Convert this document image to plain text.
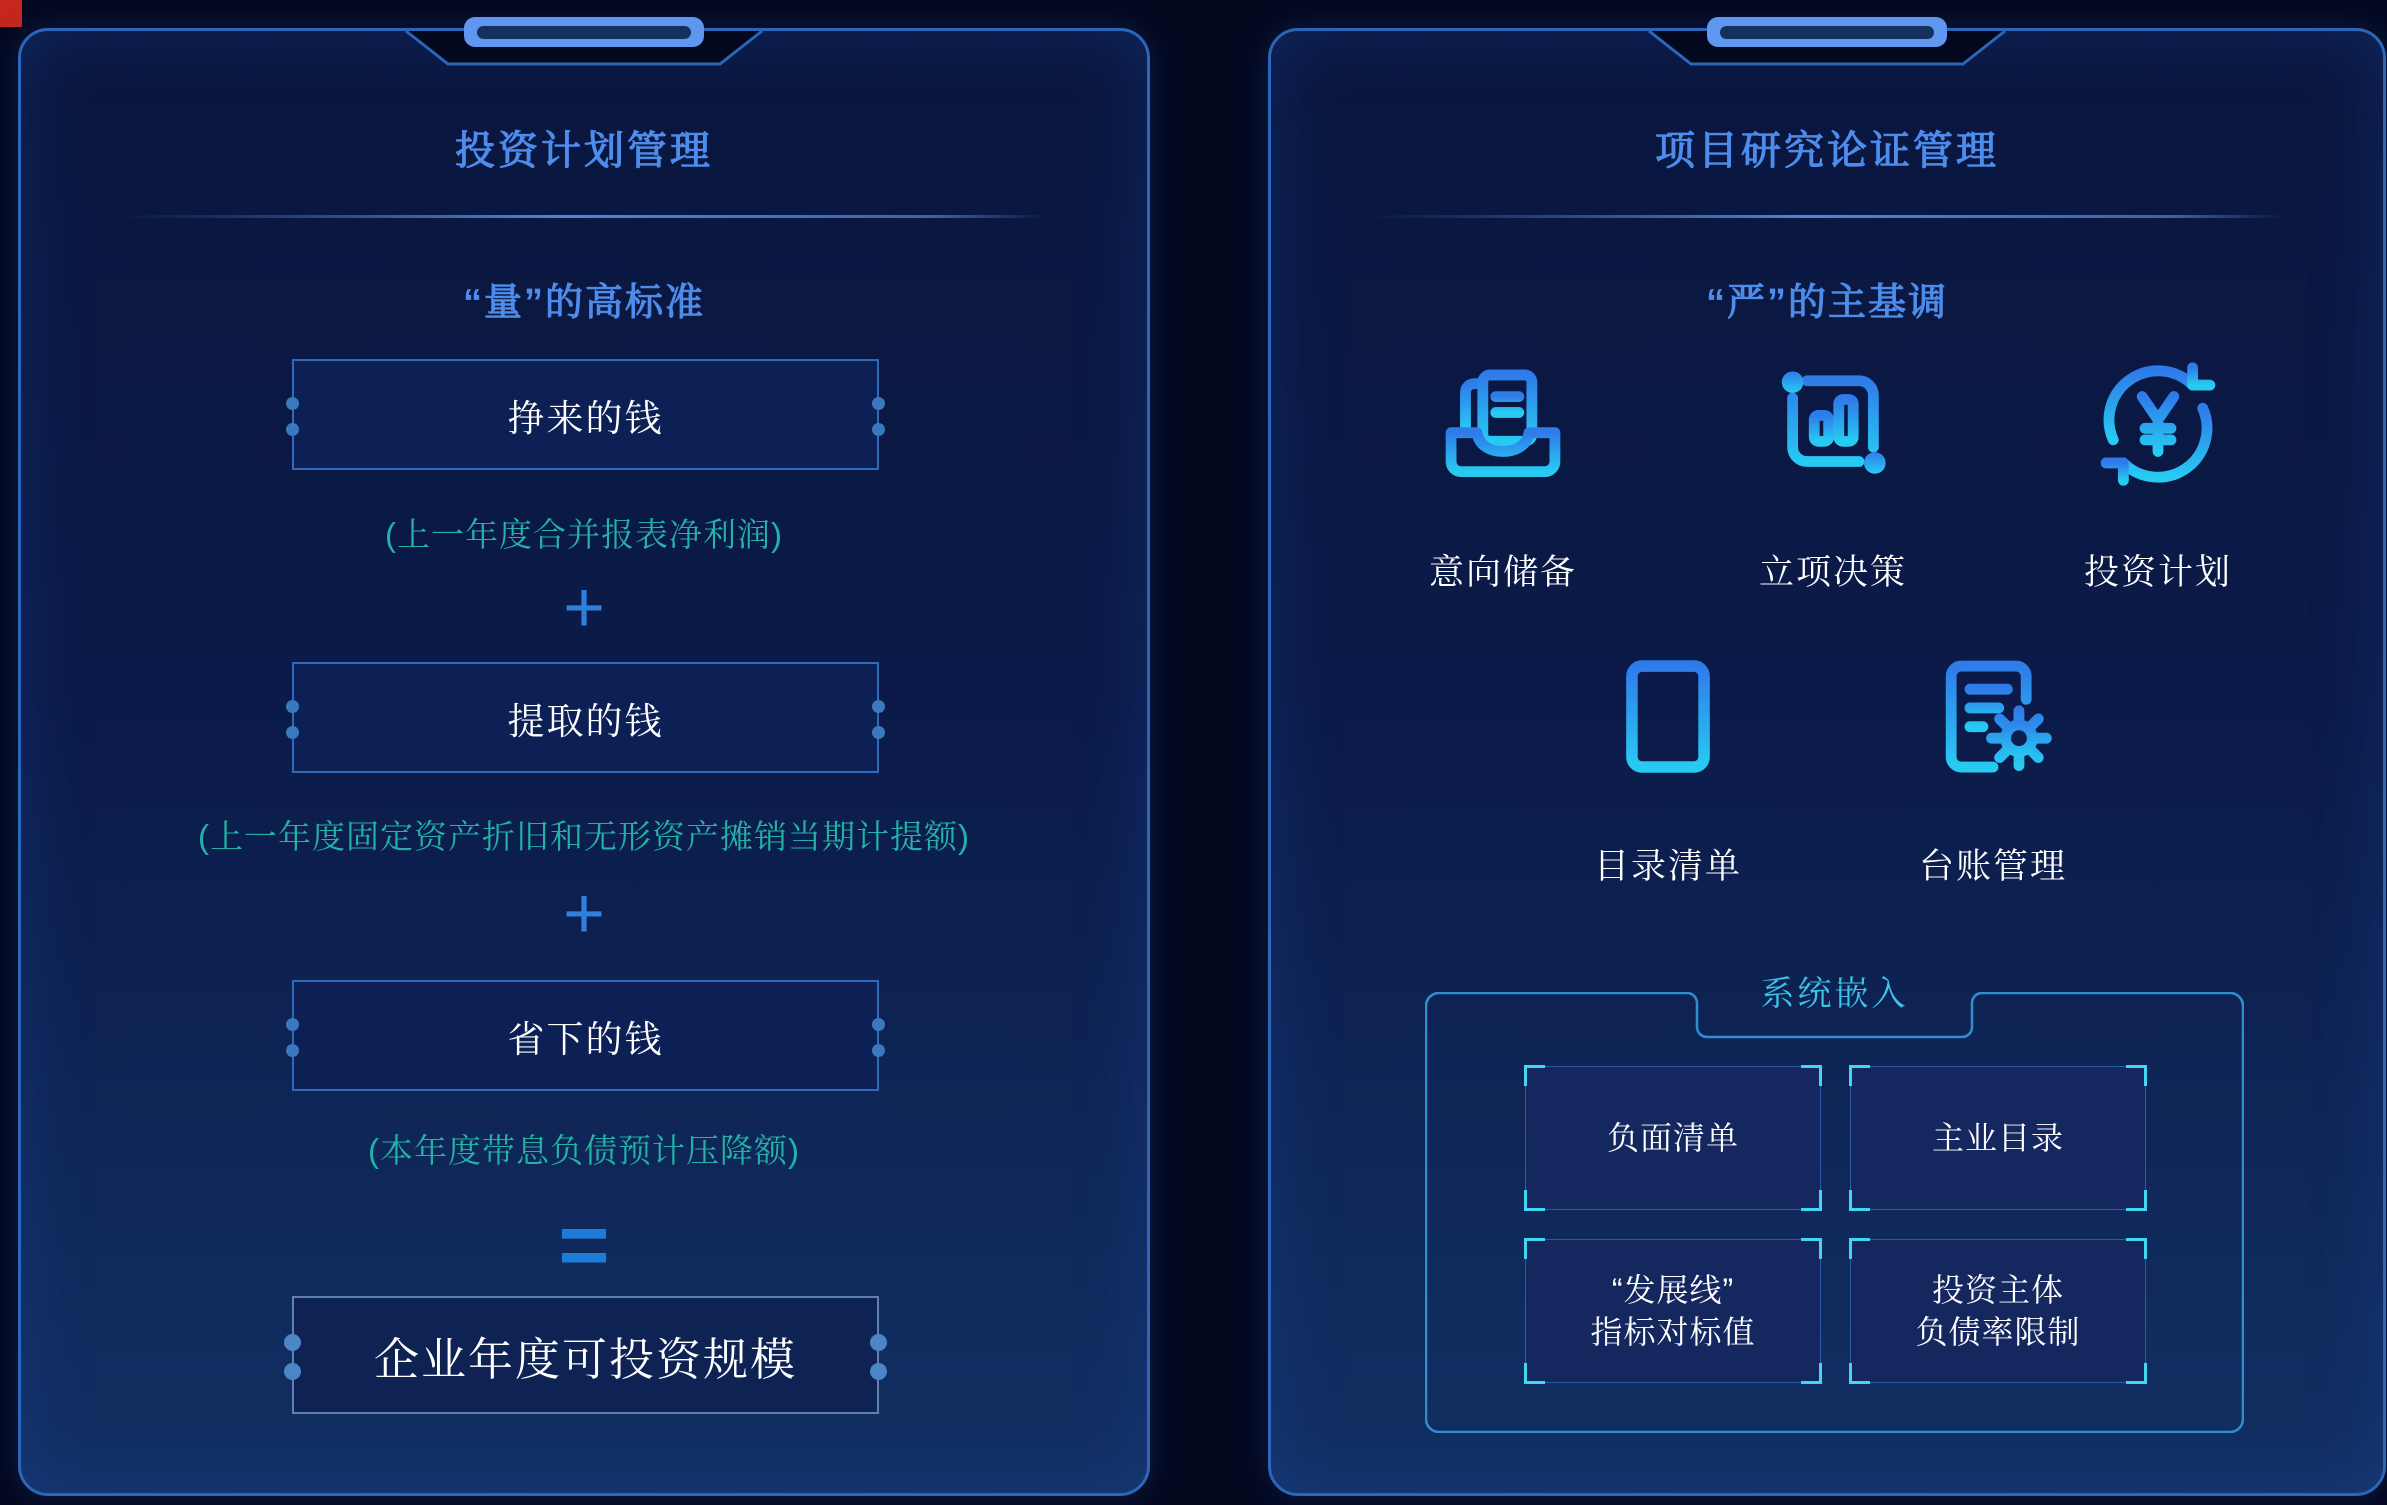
投资计划管理
“量”的高标准
挣来的钱
(上一年度合并报表净利润)
+
提取的钱
(上一年度固定资产折旧和无形资产摊销当期计提额)
+
省下的钱
(本年度带息负债预计压降额)
=
企业年度可投资规模
项目研究论证管理
“严”的主基调
意向储备	立项决策	投资计划
目录清单	台账管理
系统嵌入
负面清单	主业目录
“发展线”
指标对标值
投资主体
负债率限制
